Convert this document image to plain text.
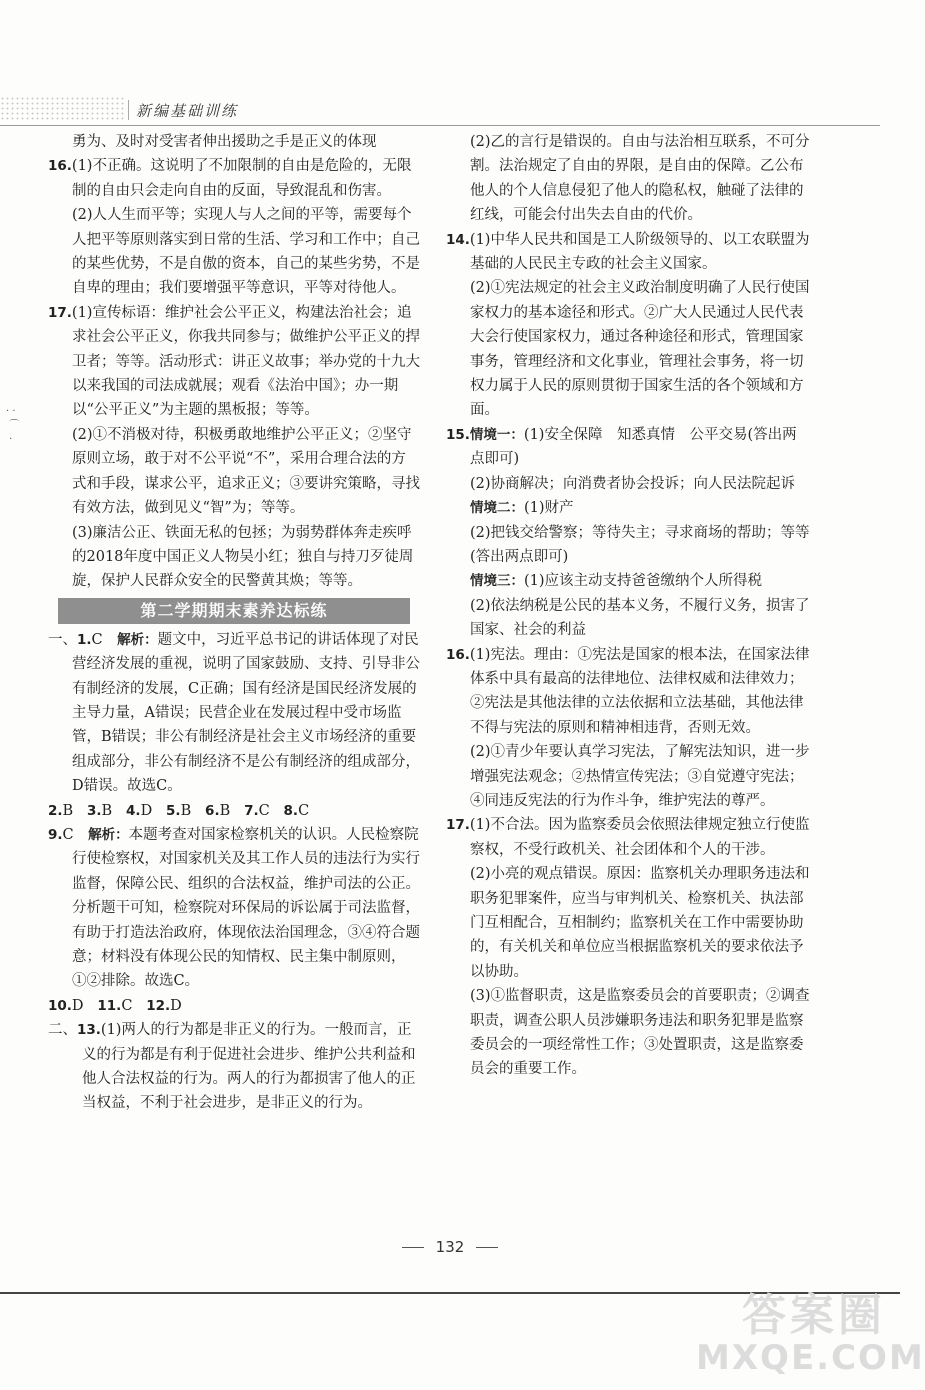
新编基础训练
· ·
⌒
·

勇为、及时对受害者伸出援助之手是正义的体现

16.(1)不正确。这说明了不加限制的自由是危险的，无限制的自由只会走向自由的反面，导致混乱和伤害。

(2)人人生而平等；实现人与人之间的平等，需要每个人把平等原则落实到日常的生活、学习和工作中；自己的某些优势，不是自傲的资本，自己的某些劣势，不是自卑的理由；我们要增强平等意识，平等对待他人。

17.(1)宣传标语：维护社会公平正义，构建法治社会；追求社会公平正义，你我共同参与；做维护公平正义的捍卫者；等等。活动形式：讲正义故事；举办党的十九大以来我国的司法成就展；观看《法治中国》；办一期以“公平正义”为主题的黑板报；等等。

(2)①不消极对待，积极勇敢地维护公平正义；②坚守原则立场，敢于对不公平说“不”，采用合理合法的方式和手段，谋求公平，追求正义；③要讲究策略，寻找有效方法，做到见义“智”为；等等。

(3)廉洁公正、铁面无私的包拯；为弱势群体奔走疾呼的2018年度中国正义人物吴小红；独自与持刀歹徒周旋，保护人民群众安全的民警黄其焕；等等。

第二学期期末素养达标练

一、1.C　 解析：题文中，习近平总书记的讲话体现了对民营经济发展的重视，说明了国家鼓励、支持、引导非公有制经济的发展，C正确；国有经济是国民经济发展的主导力量，A错误；民营企业在发展过程中受市场监管，B错误；非公有制经济是社会主义市场经济的重要组成部分，非公有制经济不是公有制经济的组成部分，D错误。故选C。

2.B 3.B 4.D 5.B 6.B 7.C 8.C

9.C　 解析：本题考查对国家检察机关的认识。人民检察院行使检察权，对国家机关及其工作人员的违法行为实行监督，保障公民、组织的合法权益，维护司法的公正。分析题干可知，检察院对环保局的诉讼属于司法监督，有助于打造法治政府，体现依法治国理念，③④符合题意；材料没有体现公民的知情权、民主集中制原则，①②排除。故选C。

10.D 11.C 12.D

二、13.(1)两人的行为都是非正义的行为。一般而言，正义的行为都是有利于促进社会进步、维护公共利益和他人合法权益的行为。两人的行为都损害了他人的正当权益，不利于社会进步，是非正义的行为。

(2)乙的言行是错误的。自由与法治相互联系，不可分割。法治规定了自由的界限，是自由的保障。乙公布他人的个人信息侵犯了他人的隐私权，触碰了法律的红线，可能会付出失去自由的代价。

14.(1)中华人民共和国是工人阶级领导的、以工农联盟为基础的人民民主专政的社会主义国家。

(2)①宪法规定的社会主义政治制度明确了人民行使国家权力的基本途径和形式。②广大人民通过人民代表大会行使国家权力，通过各种途径和形式，管理国家事务，管理经济和文化事业，管理社会事务，将一切权力属于人民的原则贯彻于国家生活的各个领域和方面。

15.情境一：(1)安全保障　知悉真情　公平交易(答出两点即可)

(2)协商解决；向消费者协会投诉；向人民法院起诉

情境二：(1)财产

(2)把钱交给警察；等待失主；寻求商场的帮助；等等(答出两点即可)

情境三：(1)应该主动支持爸爸缴纳个人所得税

(2)依法纳税是公民的基本义务，不履行义务，损害了国家、社会的利益

16.(1)宪法。理由：①宪法是国家的根本法，在国家法律体系中具有最高的法律地位、法律权威和法律效力；②宪法是其他法律的立法依据和立法基础，其他法律不得与宪法的原则和精神相违背，否则无效。

(2)①青少年要认真学习宪法，了解宪法知识，进一步增强宪法观念；②热情宣传宪法；③自觉遵守宪法；④同违反宪法的行为作斗争，维护宪法的尊严。

17.(1)不合法。因为监察委员会依照法律规定独立行使监察权，不受行政机关、社会团体和个人的干涉。

(2)小亮的观点错误。原因：监察机关办理职务违法和职务犯罪案件，应当与审判机关、检察机关、执法部门互相配合，互相制约；监察机关在工作中需要协助的，有关机关和单位应当根据监察机关的要求依法予以协助。

(3)①监督职责，这是监察委员会的首要职责；②调查职责，调查公职人员涉嫌职务违法和职务犯罪是监察委员会的一项经常性工作；③处置职责，这是监察委员会的重要工作。

132
答案圈
MXQE.COM
